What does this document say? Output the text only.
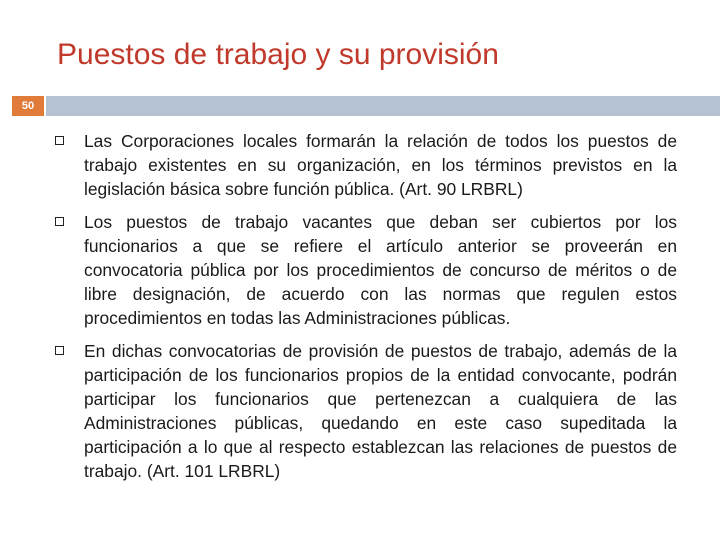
Puestos de trabajo y su provisión
50
Las Corporaciones locales formarán la relación de todos los puestos de trabajo existentes en su organización, en los términos previstos en la legislación básica sobre función pública. (Art. 90 LRBRL)
Los puestos de trabajo vacantes que deban ser cubiertos por los funcionarios a que se refiere el artículo anterior se proveerán en convocatoria pública por los procedimientos de concurso de méritos o de libre designación, de acuerdo con las normas que regulen estos procedimientos en todas las Administraciones públicas.
En dichas convocatorias de provisión de puestos de trabajo, además de la participación de los funcionarios propios de la entidad convocante, podrán participar los funcionarios que pertenezcan a cualquiera de las Administraciones públicas, quedando en este caso supeditada la participación a lo que al respecto establezcan las relaciones de puestos de trabajo. (Art. 101 LRBRL)
